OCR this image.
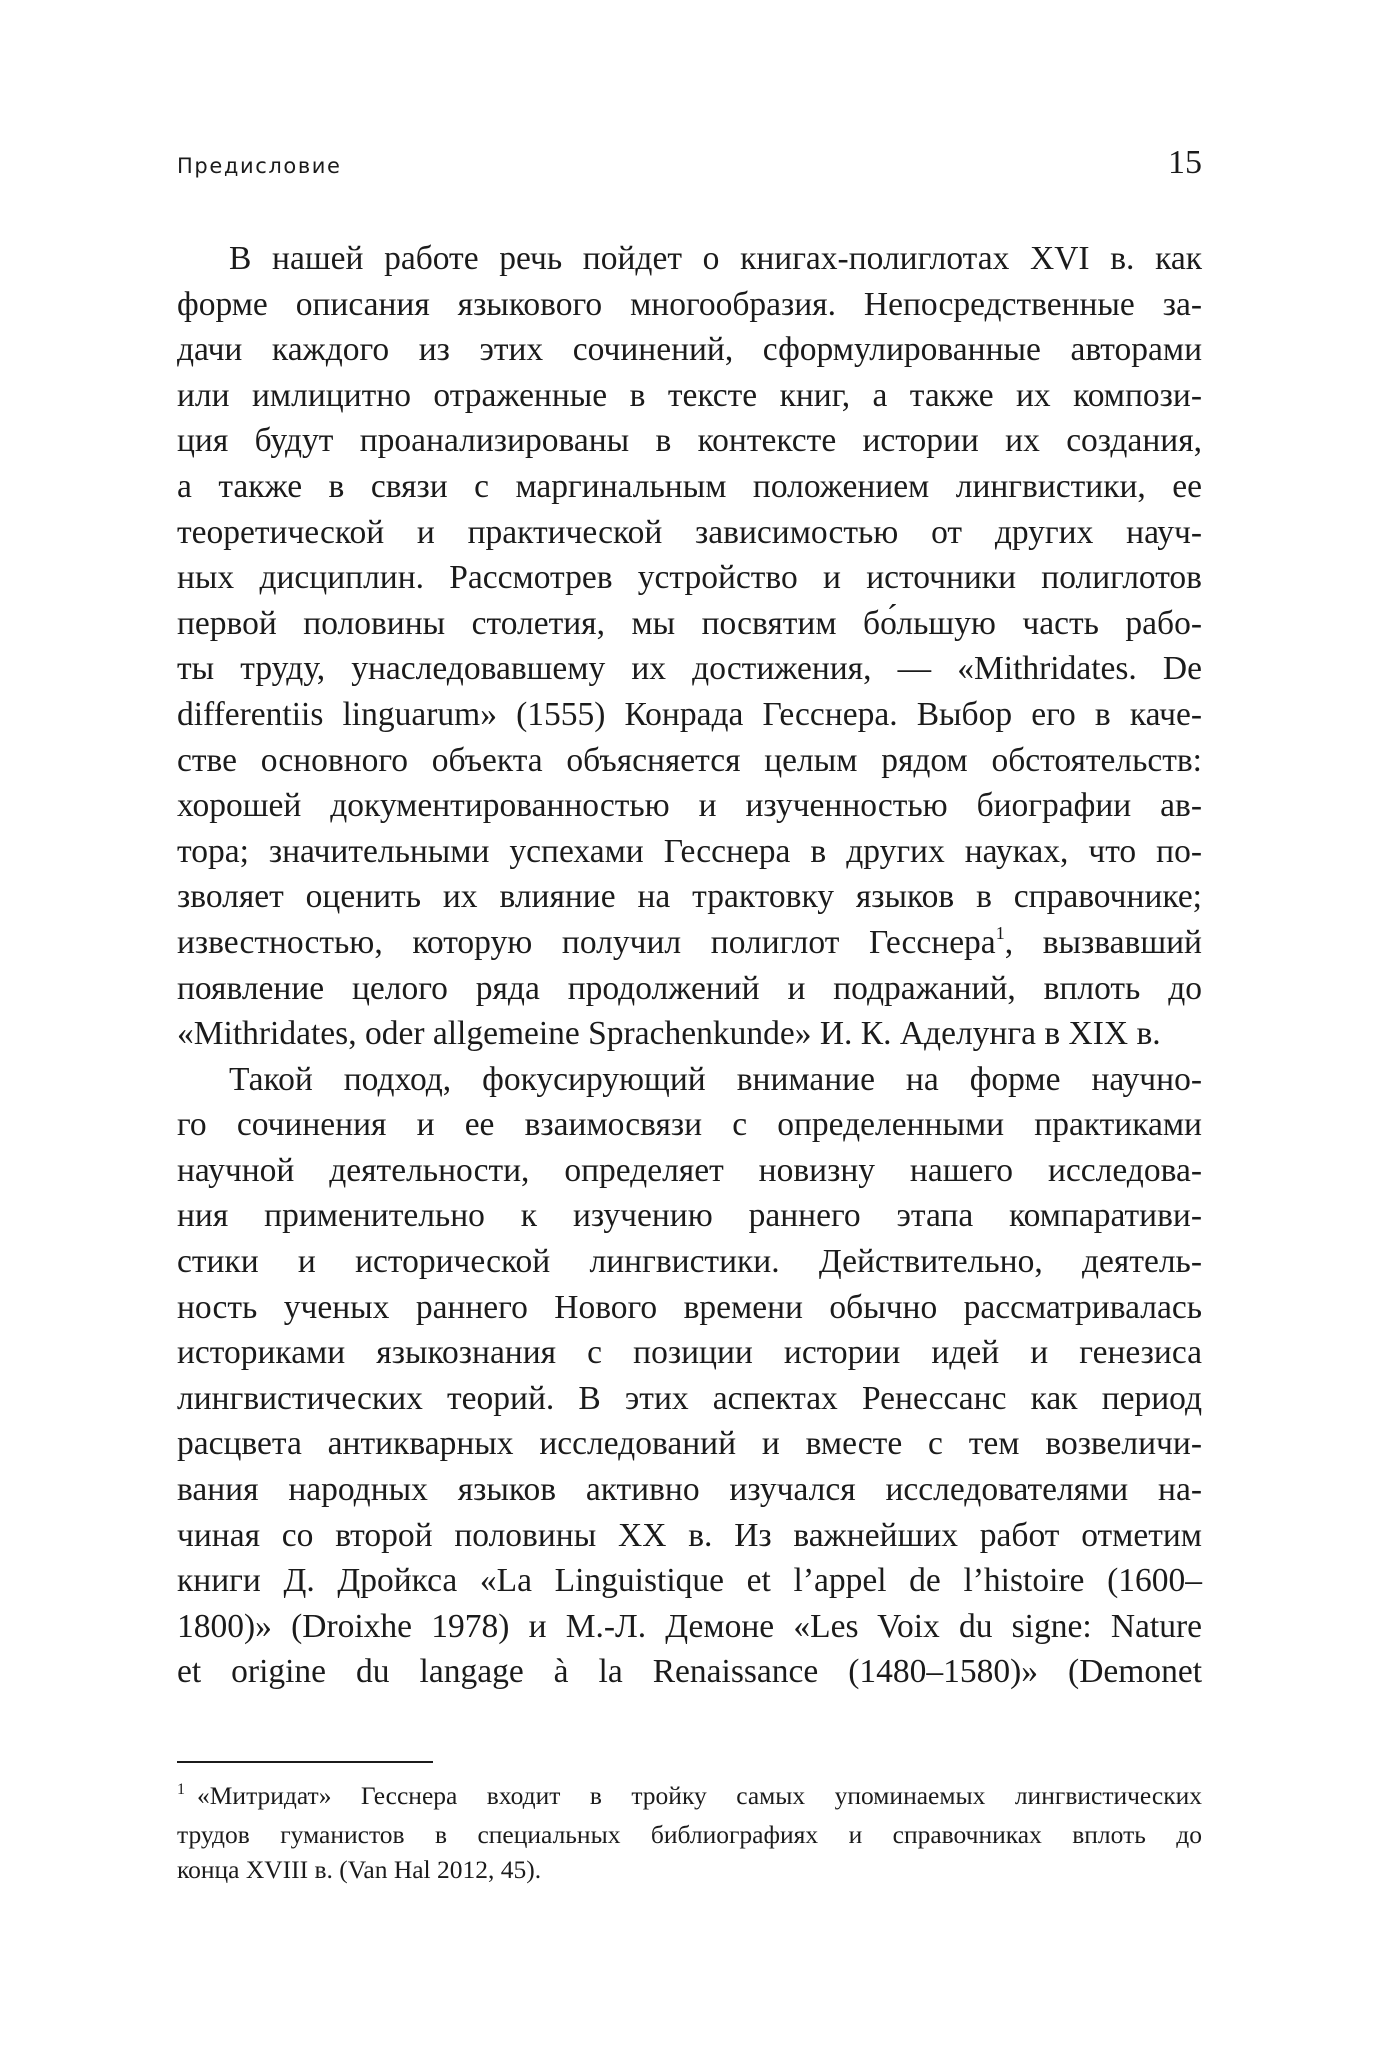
Предисловие	15
В нашей работе речь пойдет о книгах-полиглотах XVI в. как
форме описания языкового многообразия. Непосредственные за-
дачи каждого из этих сочинений, сформулированные авторами
или имлицитно отраженные в тексте книг, а также их компози-
ция будут проанализированы в контексте истории их создания,
а также в связи с маргинальным положением лингвистики, ее
теоретической и практической зависимостью от других науч-
ных дисциплин. Рассмотрев устройство и источники полиглотов
первой половины столетия, мы посвятим бо́льшую часть рабо-
ты труду, унаследовавшему их достижения, — «Mithridates. De
differentiis linguarum» (1555) Конрада Гесснера. Выбор его в каче-
стве основного объекта объясняется целым рядом обстоятельств:
хорошей документированностью и изученностью биографии ав-
тора; значительными успехами Гесснера в других науках, что по-
зволяет оценить их влияние на трактовку языков в справочнике;
известностью, которую получил полиглот Гесснера$^1$, вызвавший
появление целого ряда продолжений и подражаний, вплоть до
«Mithridates, oder allgemeine Sprachenkunde» И. К. Аделунга в XIX в.
Такой подход, фокусирующий внимание на форме научно-
го сочинения и ее взаимосвязи с определенными практиками
научной деятельности, определяет новизну нашего исследова-
ния применительно к изучению раннего этапа компаративи-
стики и исторической лингвистики. Действительно, деятель-
ность ученых раннего Нового времени обычно рассматривалась
историками языкознания с позиции истории идей и генезиса
лингвистических теорий. В этих аспектах Ренессанс как период
расцвета антикварных исследований и вместе с тем возвеличи-
вания народных языков активно изучался исследователями на-
чиная со второй половины XX в. Из важнейших работ отметим
книги Д. Дройкса «La Linguistique et l’appel de l’histoire (1600–
1800)» (Droixhe 1978) и М.-Л. Демоне «Les Voix du signe: Nature
et origine du langage à la Renaissance (1480–1580)» (Demonet
$^1$ «Митридат» Гесснера входит в тройку самых упоминаемых лингвистических
трудов гуманистов в специальных библиографиях и справочниках вплоть до
конца XVIII в. (Van Hal 2012, 45).
